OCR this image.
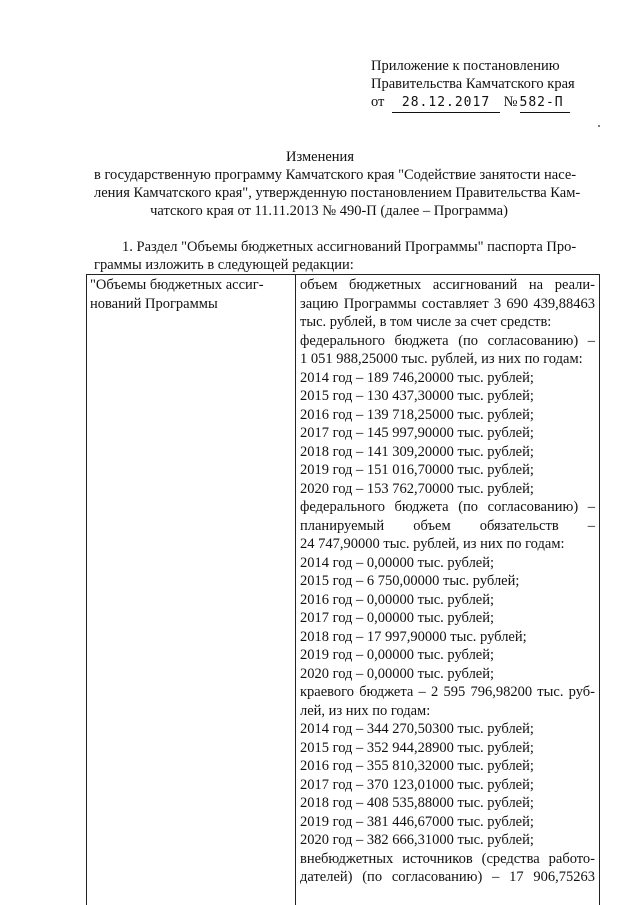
Приложение к постановлению
Правительства Камчатского края
от 28.12.2017 № 582-П
Изменения
в государственную программу Камчатского края "Содействие занятости насе-
ления Камчатского края", утвержденную постановлением Правительства Кам-
чатского края от 11.11.2013 № 490-П (далее – Программа)
1. Раздел "Объемы бюджетных ассигнований Программы" паспорта Про-
граммы изложить в следующей редакции:
"Объемы бюджетных ассиг-
нований Программы
объем бюджетных ассигнований на реали-
зацию Программы составляет 3 690 439,88463
тыс. рублей, в том числе за счет средств:
федерального бюджета (по согласованию) –
1 051 988,25000 тыс. рублей, из них по годам:
2014 год – 189 746,20000 тыс. рублей;
2015 год – 130 437,30000 тыс. рублей;
2016 год – 139 718,25000 тыс. рублей;
2017 год – 145 997,90000 тыс. рублей;
2018 год – 141 309,20000 тыс. рублей;
2019 год – 151 016,70000 тыс. рублей;
2020 год – 153 762,70000 тыс. рублей;
федерального бюджета (по согласованию) –
планируемый объем обязательств –
24 747,90000 тыс. рублей, из них по годам:
2014 год – 0,00000 тыс. рублей;
2015 год – 6 750,00000 тыс. рублей;
2016 год – 0,00000 тыс. рублей;
2017 год – 0,00000 тыс. рублей;
2018 год – 17 997,90000 тыс. рублей;
2019 год – 0,00000 тыс. рублей;
2020 год – 0,00000 тыс. рублей;
краевого бюджета – 2 595 796,98200 тыс. руб-
лей, из них по годам:
2014 год – 344 270,50300 тыс. рублей;
2015 год – 352 944,28900 тыс. рублей;
2016 год – 355 810,32000 тыс. рублей;
2017 год – 370 123,01000 тыс. рублей;
2018 год – 408 535,88000 тыс. рублей;
2019 год – 381 446,67000 тыс. рублей;
2020 год – 382 666,31000 тыс. рублей;
внебюджетных источников (средства работо-
дателей) (по согласованию) – 17 906,75263
